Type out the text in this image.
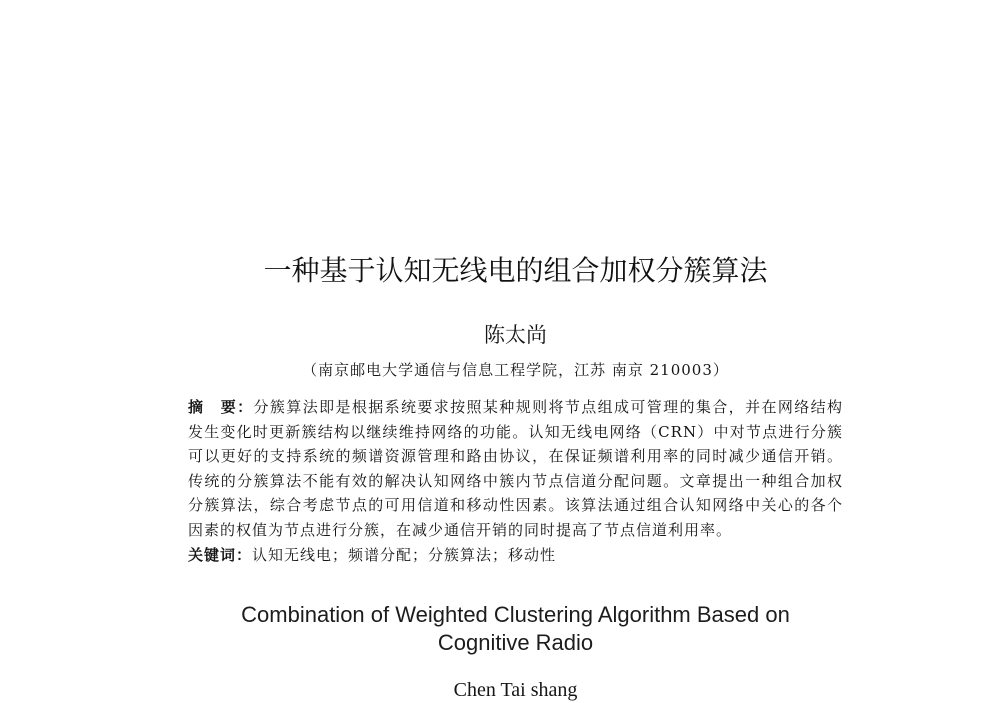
一种基于认知无线电的组合加权分簇算法
陈太尚
（南京邮电大学通信与信息工程学院，江苏 南京 210003）
摘　要：分簇算法即是根据系统要求按照某种规则将节点组成可管理的集合，并在网络结构
发生变化时更新簇结构以继续维持网络的功能。认知无线电网络（CRN）中对节点进行分簇
可以更好的支持系统的频谱资源管理和路由协议，在保证频谱利用率的同时减少通信开销。
传统的分簇算法不能有效的解决认知网络中簇内节点信道分配问题。文章提出一种组合加权
分簇算法，综合考虑节点的可用信道和移动性因素。该算法通过组合认知网络中关心的各个
因素的权值为节点进行分簇，在减少通信开销的同时提高了节点信道利用率。
关键词：认知无线电；频谱分配；分簇算法；移动性
Combination of Weighted Clustering Algorithm Based on
Cognitive Radio
Chen Tai shang
